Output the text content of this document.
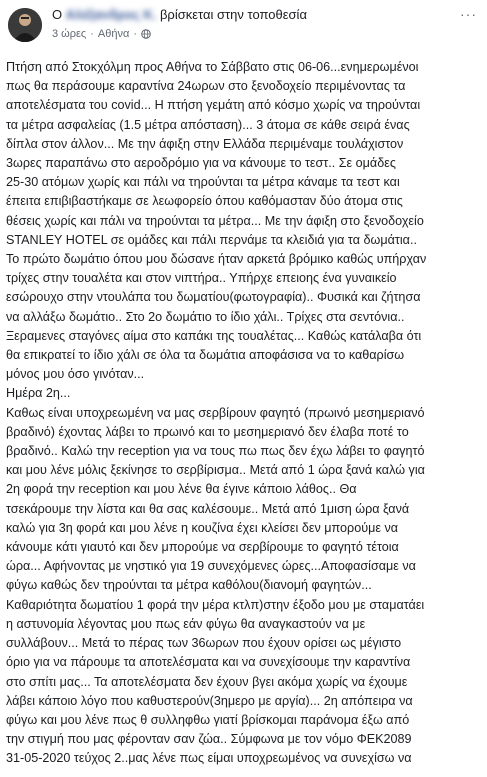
Ο Αλέξανδρος Κ. βρίσκεται στην τοποθεσία
3 ώρες · Αθήνα ·
···

Πτήση από Στοκχόλμη προς Αθήνα το Σάββατο στις 06-06...ενημερωμένοι

πως θα περάσουμε καραντίνα 24ωρων στο ξενοδοχείο περιμένοντας τα

αποτελέσματα του covid... Η πτήση γεμάτη από κόσμο χωρίς να τηρούνται

τα μέτρα ασφαλείας (1.5 μέτρα απόσταση)... 3 άτομα σε κάθε σειρά ένας

δίπλα στον άλλον... Με την άφιξη στην Ελλάδα περιμέναμε τουλάχιστον

3ωρες παραπάνω στο αεροδρόμιο για να κάνουμε το τεστ.. Σε ομάδες

25-30 ατόμων χωρίς και πάλι να τηρούνται τα μέτρα κάναμε τα τεστ και

έπειτα επιβιβαστήκαμε σε λεωφορείο όπου καθόμασταν δύο άτομα στις

θέσεις χωρίς και πάλι να τηρούνται τα μέτρα... Με την άφιξη στο ξενοδοχείο

STANLEY HOTEL σε ομάδες και πάλι περνάμε τα κλειδιά για τα δωμάτια..

Το πρώτο δωμάτιο όπου μου δώσανε ήταν αρκετά βρόμικο καθώς υπήρχαν

τρίχες στην τουαλέτα και στον νιπτήρα.. Υπήρχε επειοης ένα γυναικείο

εσώρουχο στην ντουλάπα του δωματίου(φωτογραφία).. Φυσικά και ζήτησα

να αλλάξω δωμάτιο.. Στο 2ο δωμάτιο το ίδιο χάλι.. Τρίχες στα σεντόνια..

Ξεραμενες σταγόνες αίμα στο καπάκι της τουαλέτας... Καθώς κατάλαβα ότι

θα επικρατεί το ίδιο χάλι σε όλα τα δωμάτια αποφάσισα να το καθαρίσω

μόνος μου όσο γινόταν...

Ημέρα 2η...

Καθως είναι υποχρεωμένη να μας σερβίρουν φαγητό (πρωινό μεσημεριανό

βραδινό) έχοντας λάβει το πρωινό και το μεσημεριανό δεν έλαβα ποτέ το

βραδινό.. Καλώ την reception για να τους πω πως δεν έχω λάβει το φαγητό

και μου λένε μόλις ξεκίνησε το σερβίρισμα.. Μετά από 1 ώρα ξανά καλώ για

2η φορά την reception και μου λένε θα έγινε κάποιο λάθος.. Θα

τσεκάρουμε την λίστα και θα σας καλέσουμε.. Μετά από 1μιση ώρα ξανά

καλώ για 3η φορά και μου λένε η κουζίνα έχει κλείσει δεν μπορούμε να

κάνουμε κάτι γιαυτό και δεν μπορούμε να σερβίρουμε το φαγητό τέτοια

ώρα... Αφήνοντας με νηστικό για 19 συνεχόμενες ώρες...Αποφασίσαμε να

φύγω καθώς δεν τηρούνται τα μέτρα καθόλου(διανομή φαγητών...

Καθαριότητα δωματίου 1 φορά την μέρα κτλπ)στην έξοδο μου με σταματάει

η αστυνομία λέγοντας μου πως εάν φύγω θα αναγκαστούν να με

συλλάβουν... Μετά το πέρας των 36ωρων που έχουν ορίσει ως μέγιστο

όριο για να πάρουμε τα αποτελέσματα και να συνεχίσουμε την καραντίνα

στο σπίτι μας... Τα αποτελέσματα δεν έχουν βγει ακόμα χωρίς να έχουμε

λάβει κάποιο λόγο που καθυστερούν(3ημερο με αργία)... 2η απόπειρα να

φύγω και μου λένε πως θ συλληφθω γιατί βρίσκομαι παράνομα έξω από

την στιγμή που μας φέρονταν σαν ζώα.. Σύμφωνα με τον νόμο ΦΕΚ2089

31-05-2020 τεύχος 2..μας λένε πως είμαι υποχρεωμένος να συνεχίσω να
